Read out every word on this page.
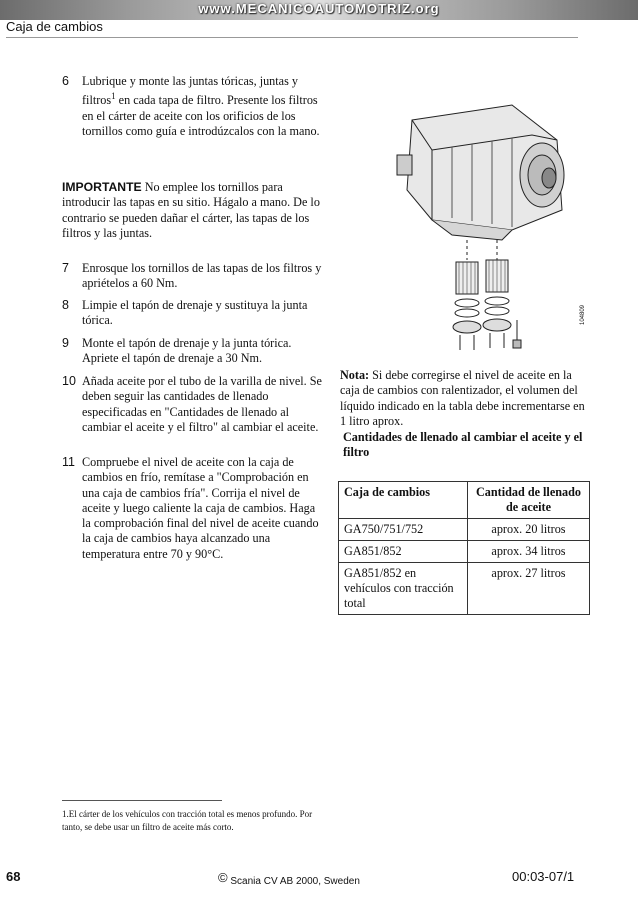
www.MECANICOAUTOMOTRIZ.org
Caja de cambios
6 Lubrique y monte las juntas tóricas, juntas y filtros$^1$ en cada tapa de filtro. Presente los filtros en el cárter de aceite con los orificios de los tornillos como guía e introdúzcalos con la mano.
IMPORTANTE No emplee los tornillos para introducir las tapas en su sitio. Hágalo a mano. De lo contrario se pueden dañar el cárter, las tapas de los filtros y las juntas.
7 Enrosque los tornillos de las tapas de los filtros y apriételos a 60 Nm.
8 Limpie el tapón de drenaje y sustituya la junta tórica.
9 Monte el tapón de drenaje y la junta tórica. Apriete el tapón de drenaje a 30 Nm.
10 Añada aceite por el tubo de la varilla de nivel. Se deben seguir las cantidades de llenado especificadas en "Cantidades de llenado al cambiar el aceite y el filtro" al cambiar el aceite.
11 Compruebe el nivel de aceite con la caja de cambios en frío, remítase a "Comprobación en una caja de cambios fría". Corrija el nivel de aceite y luego caliente la caja de cambios. Haga la comprobación final del nivel de aceite cuando la caja de cambios haya alcanzado una temperatura entre 70 y 90°C.
104809
Nota: Si debe corregirse el nivel de aceite en la caja de cambios con ralentizador, el volumen del líquido indicado en la tabla debe incrementarse en 1 litro aprox.
Cantidades de llenado al cambiar el aceite y el filtro
Caja de cambios	Cantidad de llenado de aceite
GA750/751/752	aprox. 20 litros
GA851/852	aprox. 34 litros
GA851/852 en vehículos con tracción total	aprox. 27 litros
1.El cárter de los vehículos con tracción total es menos profundo. Por tanto, se debe usar un filtro de aceite más corto.
68	© Scania CV AB 2000, Sweden	00:03-07/1
